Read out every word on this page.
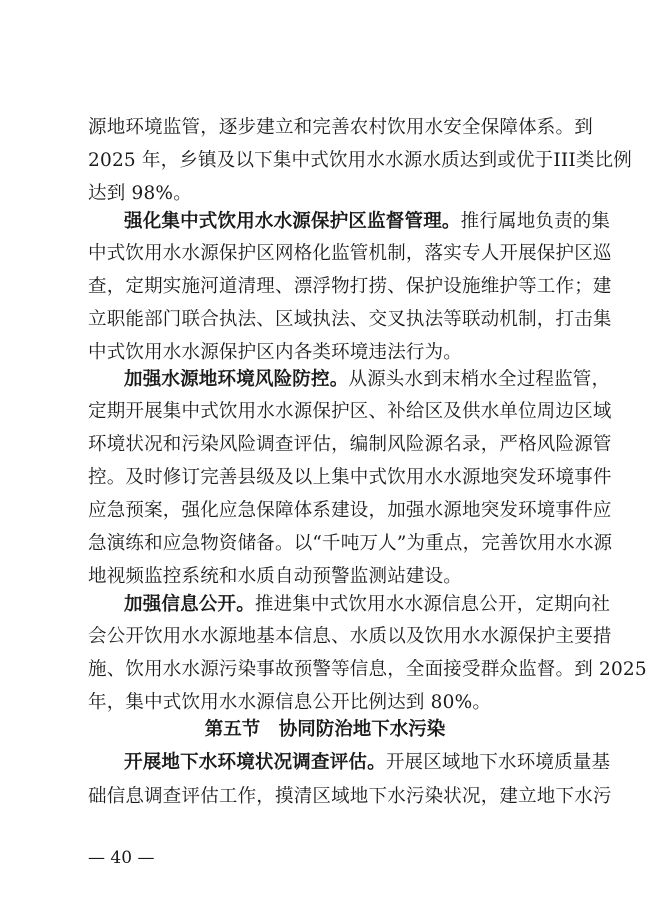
源地环境监管，逐步建立和完善农村饮用水安全保障体系。到
2025 年，乡镇及以下集中式饮用水水源水质达到或优于III类比例
达到 98%。
强化集中式饮用水水源保护区监督管理。推行属地负责的集
中式饮用水水源保护区网格化监管机制，落实专人开展保护区巡
查，定期实施河道清理、漂浮物打捞、保护设施维护等工作；建
立职能部门联合执法、区域执法、交叉执法等联动机制，打击集
中式饮用水水源保护区内各类环境违法行为。
加强水源地环境风险防控。从源头水到末梢水全过程监管，
定期开展集中式饮用水水源保护区、补给区及供水单位周边区域
环境状况和污染风险调查评估，编制风险源名录，严格风险源管
控。及时修订完善县级及以上集中式饮用水水源地突发环境事件
应急预案，强化应急保障体系建设，加强水源地突发环境事件应
急演练和应急物资储备。以“千吨万人”为重点，完善饮用水水源
地视频监控系统和水质自动预警监测站建设。
加强信息公开。推进集中式饮用水水源信息公开，定期向社
会公开饮用水水源地基本信息、水质以及饮用水水源保护主要措
施、饮用水水源污染事故预警等信息，全面接受群众监督。到 2025
年，集中式饮用水水源信息公开比例达到 80%。
第五节　协同防治地下水污染
开展地下水环境状况调查评估。开展区域地下水环境质量基
础信息调查评估工作，摸清区域地下水污染状况，建立地下水污
— 40 —
